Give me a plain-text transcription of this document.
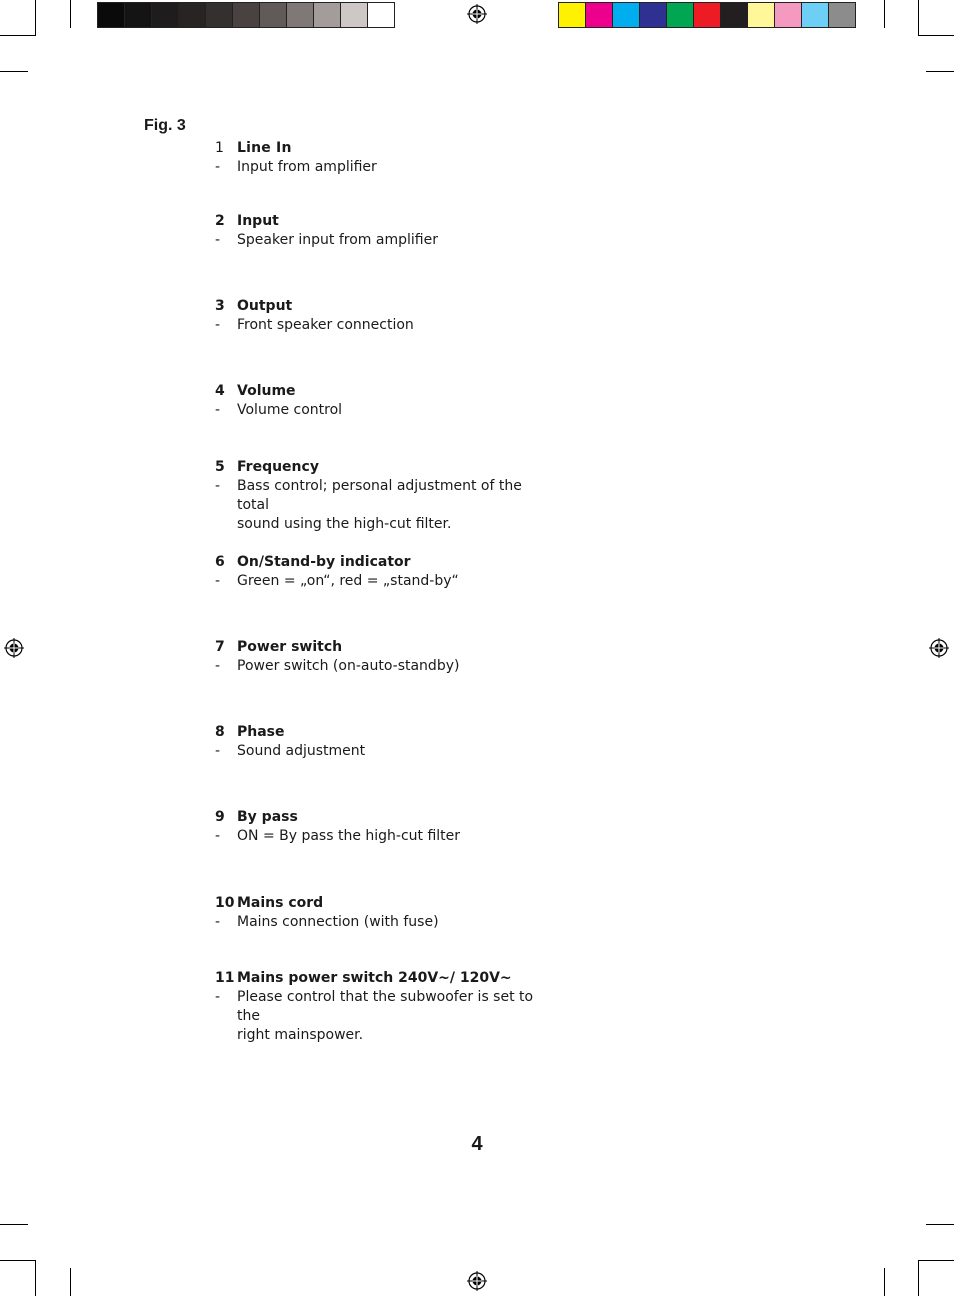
Fig. 3
1 Line In
-	Input from amplifier
2 Input
-	Speaker input from amplifier
3 Output
-	Front speaker connection
4 Volume
-	Volume control
5 Frequency
-	Bass control; personal adjustment of the total
sound using the high-cut filter.
6 On/Stand-by indicator
-	Green = „on“, red = „stand-by“
7 Power switch
-	Power switch (on-auto-standby)
8 Phase
-	Sound adjustment
9 By pass
-	ON = By pass the high-cut filter
10 Mains cord
-	Mains connection (with fuse)
11 Mains power switch 240V~/ 120V~
-	Please control that the subwoofer is set to the
right mainspower.
4
